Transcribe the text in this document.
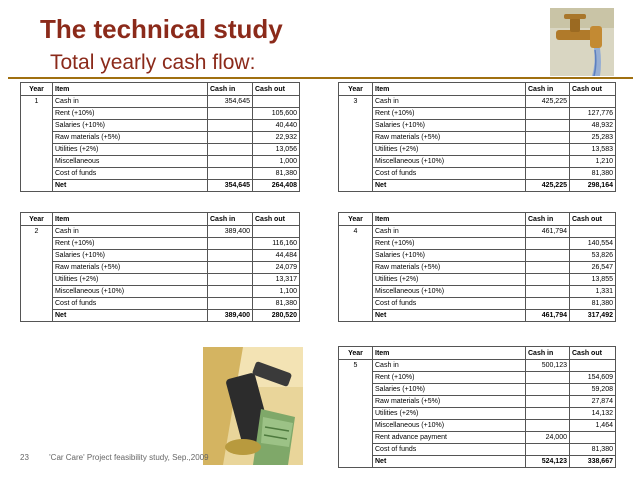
The technical study
Total yearly cash flow:
Year	Item	Cash in	Cash out
1	Cash in	354,645	
	Rent (+10%)		105,600
	Salaries (+10%)		40,440
	Raw materials (+5%)		22,932
	Utilities (+2%)		13,056
	Miscellaneous		1,000
	Cost of funds		81,380
	Net	354,645	264,408
Year	Item	Cash in	Cash out
2	Cash in	389,400	
	Rent (+10%)		116,160
	Salaries (+10%)		44,484
	Raw materials (+5%)		24,079
	Utilities (+2%)		13,317
	Miscellaneous (+10%)		1,100
	Cost of funds		81,380
	Net	389,400	280,520
Year	Item	Cash in	Cash out
3	Cash in	425,225	
	Rent (+10%)		127,776
	Salaries (+10%)		48,932
	Raw materials (+5%)		25,283
	Utilities (+2%)		13,583
	Miscellaneous (+10%)		1,210
	Cost of funds		81,380
	Net	425,225	298,164
Year	Item	Cash in	Cash out
4	Cash in	461,794	
	Rent (+10%)		140,554
	Salaries (+10%)		53,826
	Raw materials (+5%)		26,547
	Utilities (+2%)		13,855
	Miscellaneous (+10%)		1,331
	Cost of funds		81,380
	Net	461,794	317,492
Year	Item	Cash in	Cash out
5	Cash in	500,123	
	Rent (+10%)		154,609
	Salaries (+10%)		59,208
	Raw materials (+5%)		27,874
	Utilities (+2%)		14,132
	Miscellaneous (+10%)		1,464
	Rent advance payment	24,000	
	Cost of funds		81,380
	Net	524,123	338,667
23	'Car Care' Project feasibility study, Sep.,2009
